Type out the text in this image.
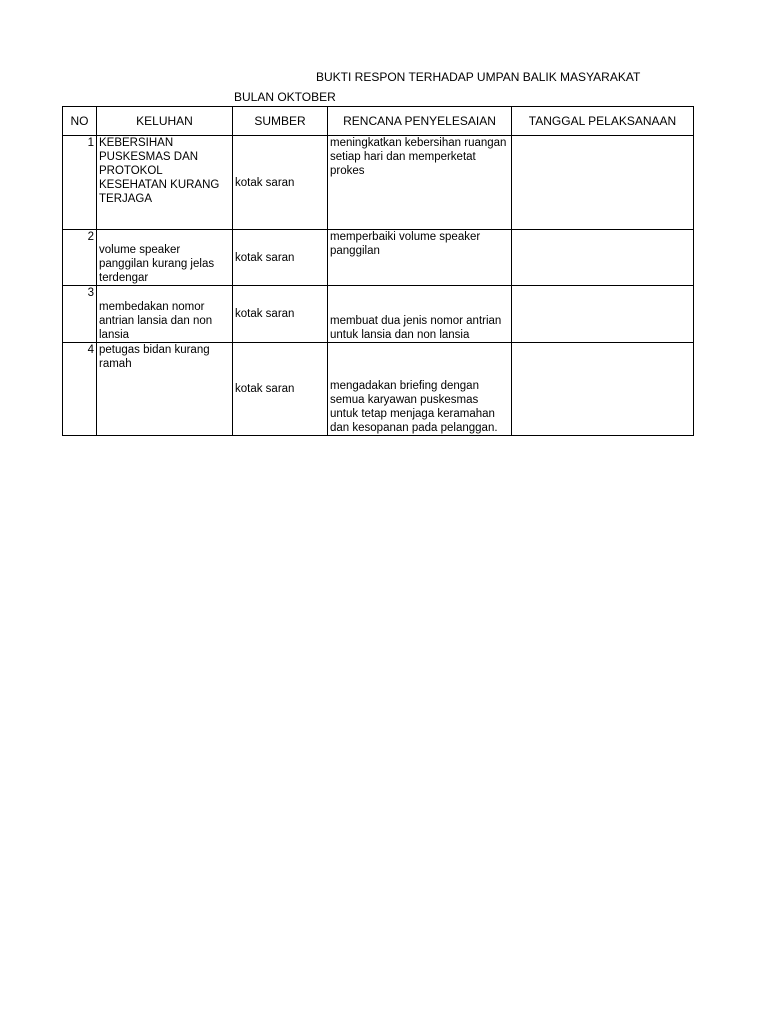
BUKTI RESPON TERHADAP UMPAN BALIK MASYARAKAT
BULAN OKTOBER
NO	KELUHAN	SUMBER	RENCANA PENYELESAIAN	TANGGAL PELAKSANAAN
1	KEBERSIHAN PUSKESMAS DAN PROTOKOL KESEHATAN KURANG TERJAGA	kotak saran	meningkatkan kebersihan ruangan setiap hari dan memperketat prokes	
2	volume speaker panggilan kurang jelas terdengar	kotak saran	memperbaiki volume speaker panggilan	
3	membedakan nomor antrian lansia dan non lansia	kotak saran	membuat dua jenis nomor antrian untuk lansia dan non lansia	
4	petugas bidan kurang ramah	kotak saran	mengadakan briefing dengan semua karyawan puskesmas untuk tetap menjaga keramahan dan kesopanan pada pelanggan.	
